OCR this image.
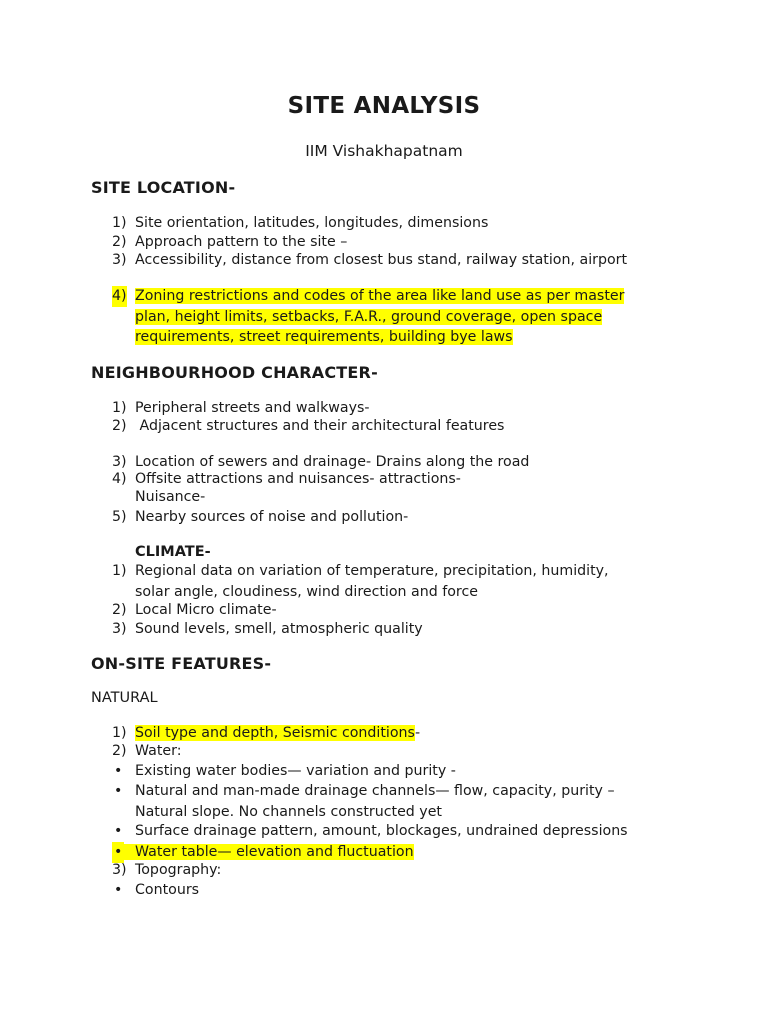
SITE ANALYSIS
IIM Vishakhapatnam
SITE LOCATION-
1) Site orientation, latitudes, longitudes, dimensions
2) Approach pattern to the site –
3) Accessibility, distance from closest bus stand, railway station, airport
4) Zoning restrictions and codes of the area like land use as per master
plan, height limits, setbacks, F.A.R., ground coverage, open space
requirements, street requirements, building bye laws
NEIGHBOURHOOD CHARACTER-
1) Peripheral streets and walkways-
2) Adjacent structures and their architectural features
3) Location of sewers and drainage- Drains along the road
4) Offsite attractions and nuisances- attractions-
Nuisance-
5) Nearby sources of noise and pollution-
CLIMATE-
1) Regional data on variation of temperature, precipitation, humidity,
solar angle, cloudiness, wind direction and force
2) Local Micro climate-
3) Sound levels, smell, atmospheric quality
ON-SITE FEATURES-
NATURAL
1) Soil type and depth, Seismic conditions-
2) Water:
• Existing water bodies— variation and purity -
• Natural and man-made drainage channels— flow, capacity, purity –
Natural slope. No channels constructed yet
• Surface drainage pattern, amount, blockages, undrained depressions
• Water table— elevation and fluctuation
3) Topography:
• Contours
